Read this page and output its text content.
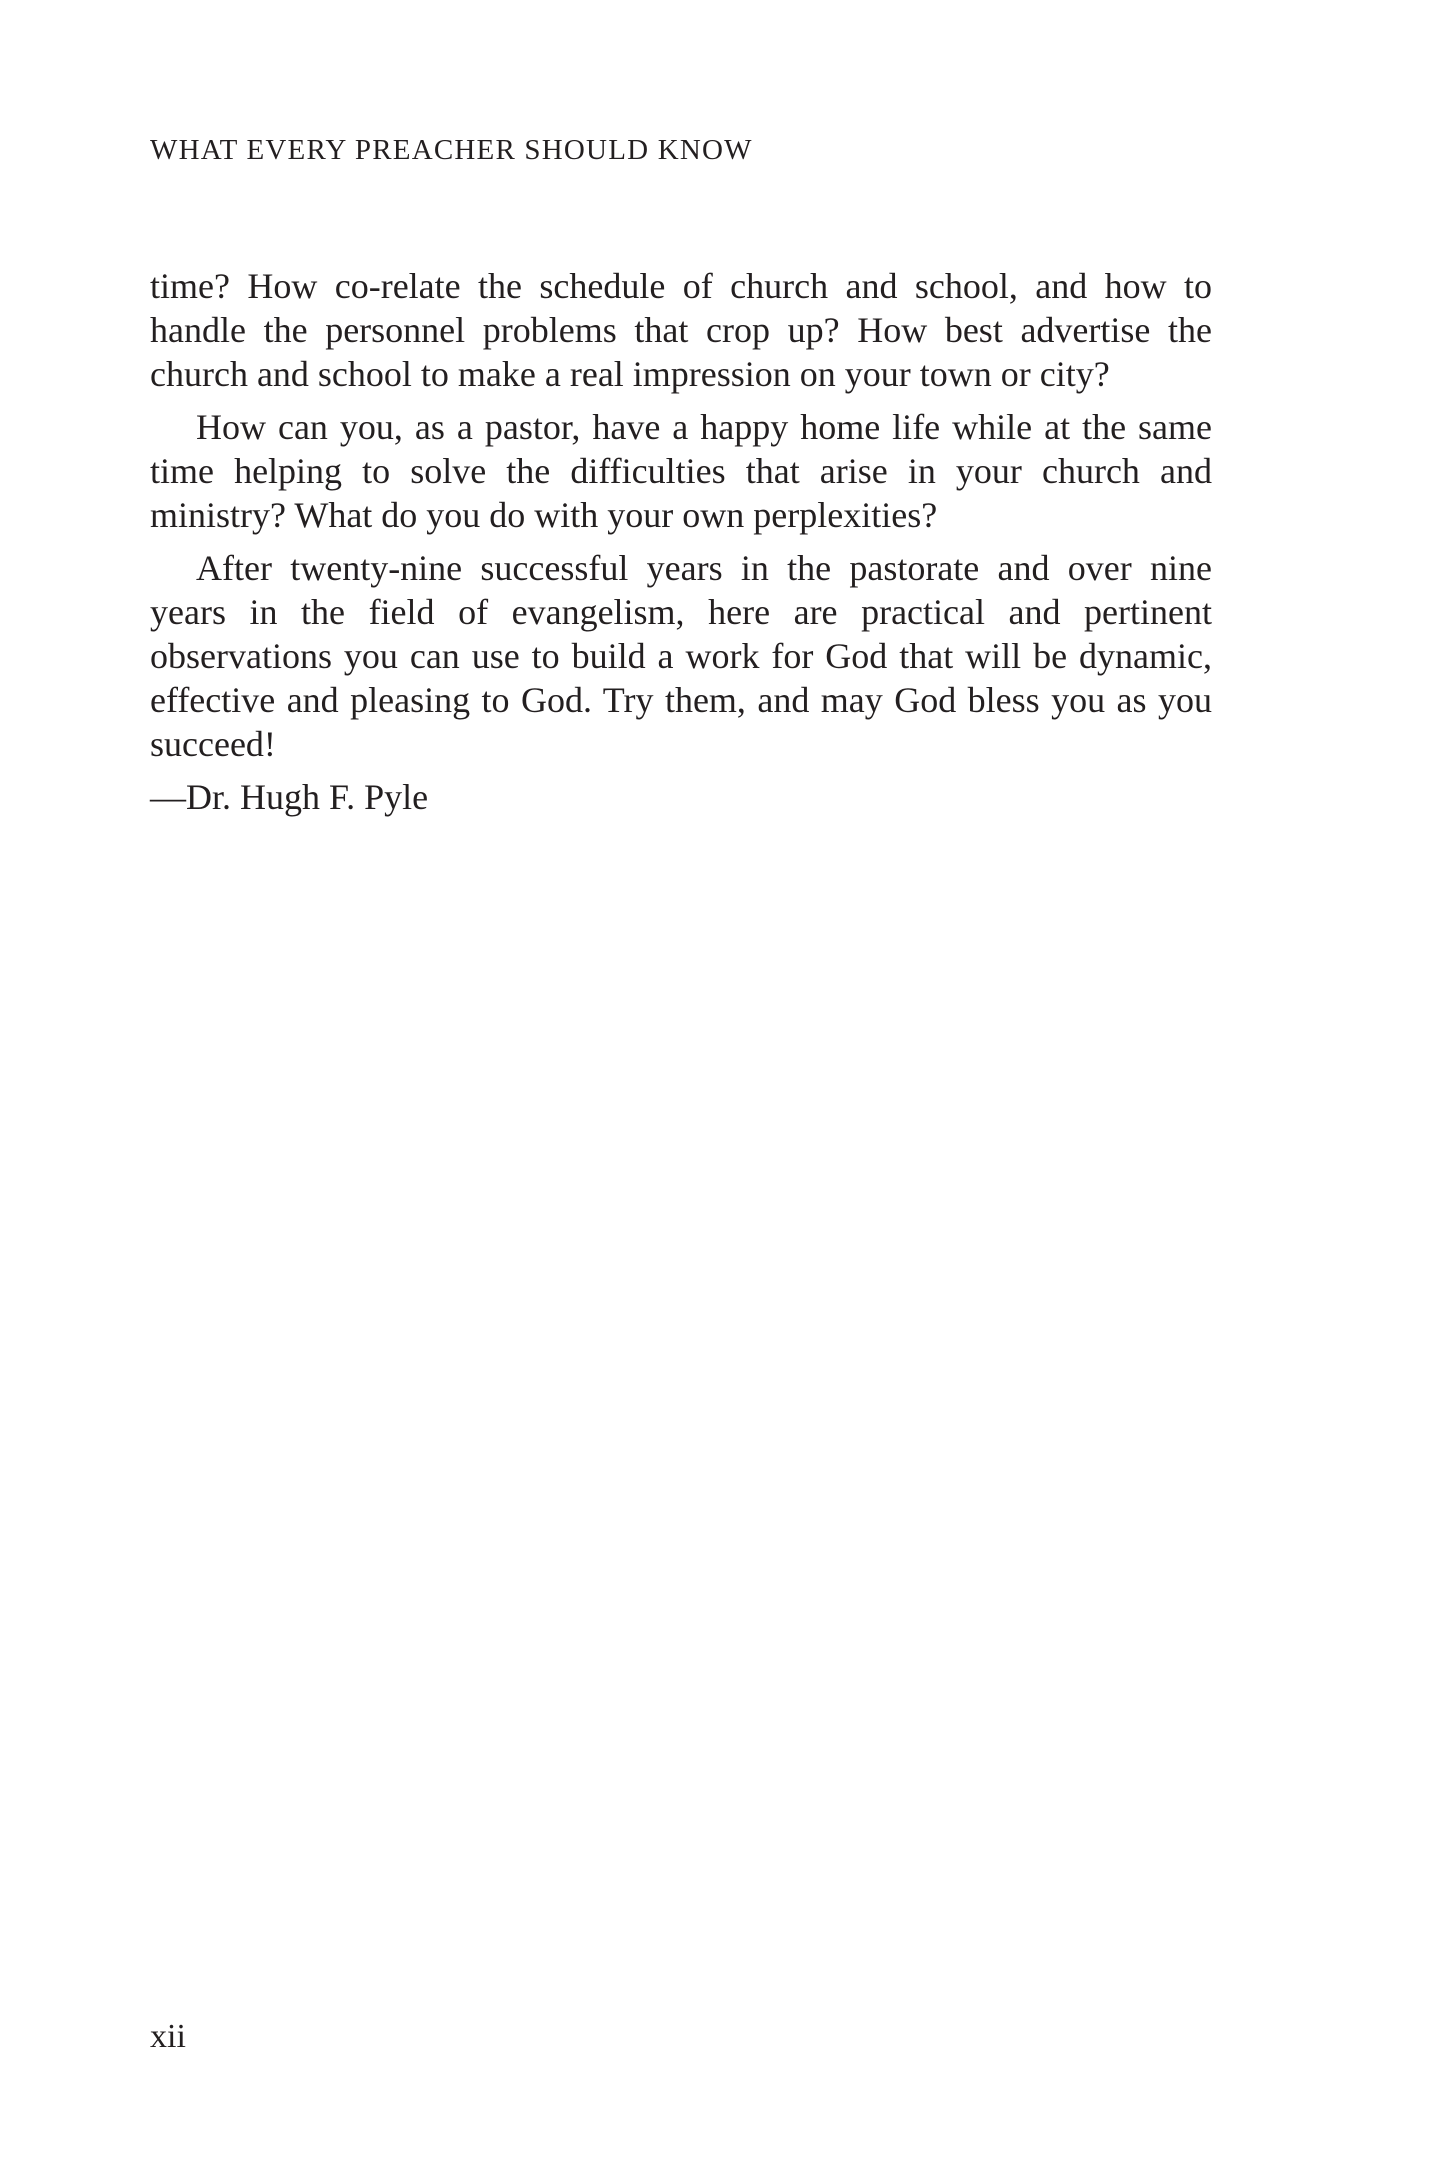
WHAT EVERY PREACHER SHOULD KNOW

time? How co-relate the schedule of church and school, and how to handle the personnel problems that crop up? How best advertise the church and school to make a real impression on your town or city?

How can you, as a pastor, have a happy home life while at the same time helping to solve the difficulties that arise in your church and ministry? What do you do with your own perplexities?

After twenty-nine successful years in the pastorate and over nine years in the field of evangelism, here are practical and pertinent observations you can use to build a work for God that will be dynamic, effective and pleasing to God. Try them, and may God bless you as you succeed!

—Dr. Hugh F. Pyle

xii
